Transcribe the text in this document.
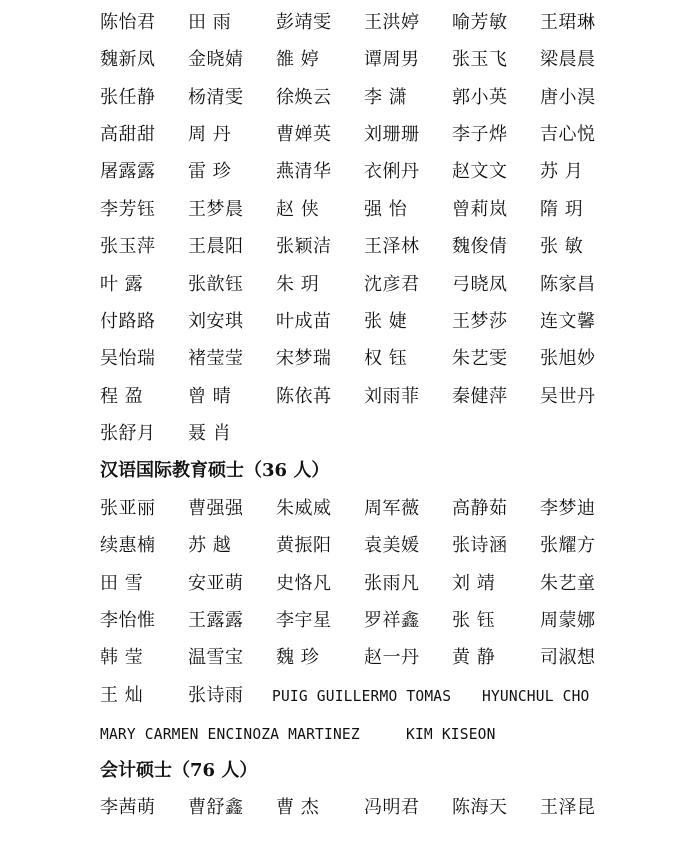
陈怡君 田 雨 彭靖雯 王洪婷 喻芳敏 王珺琳
魏新凤 金晓婧 雒 婷 谭周男 张玉飞 梁晨晨
张任静 杨清雯 徐焕云 李 潇 郭小英 唐小淏
高甜甜 周 丹 曹婵英 刘珊珊 李子烨 吉心悦
屠露露 雷 珍 燕清华 衣俐丹 赵文文 苏 月
李芳钰 王梦晨 赵 侠 强 怡 曾莉岚 隋 玥
张玉萍 王晨阳 张颖洁 王泽林 魏俊倩 张 敏
叶 露 张歆钰 朱 玥 沈彦君 弓晓凤 陈家昌
付路路 刘安琪 叶成苗 张 婕 王梦莎 连文馨
吴怡瑞 褚莹莹 宋梦瑞 权 钰 朱艺雯 张旭妙
程 盈 曾 晴 陈依苒 刘雨菲 秦健萍 吴世丹
张舒月 聂 肖
汉语国际教育硕士（36 人）
张亚丽 曹强强 朱威威 周军薇 高静茹 李梦迪
续惠楠 苏 越 黄振阳 袁美媛 张诗涵 张耀方
田 雪 安亚萌 史恪凡 张雨凡 刘 靖 朱艺童
李怡惟 王露露 李宇星 罗祥鑫 张 钰 周蒙娜
韩 莹 温雪宝 魏 珍 赵一丹 黄 静 司淑想
王 灿 张诗雨 PUIG GUILLERMO TOMAS HYUNCHUL CHO
MARY CARMEN ENCINOZA MARTINEZ	KIM KISEON
会计硕士（76 人）
李茜萌 曹舒鑫 曹 杰 冯明君 陈海天 王泽昆
